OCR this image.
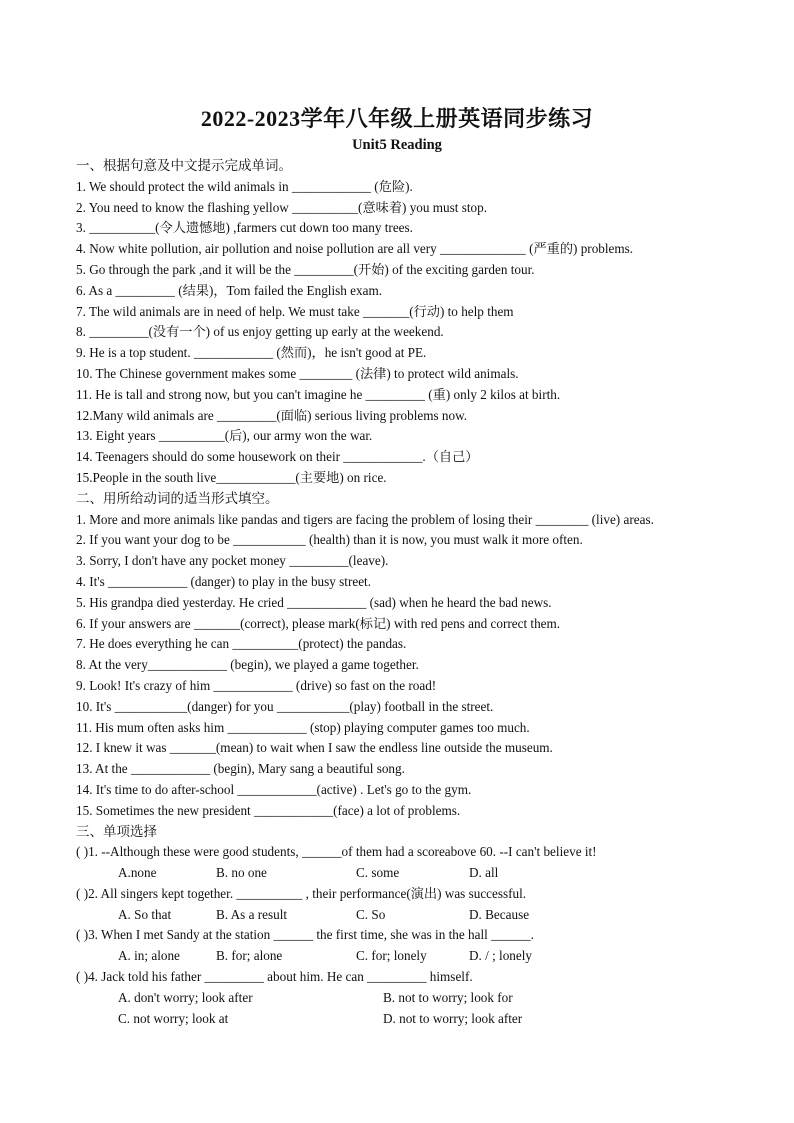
2022-2023学年八年级上册英语同步练习
Unit5 Reading
一、根据句意及中文提示完成单词。
1. We should protect the wild animals in ____________ (危险).
2. You need to know the flashing yellow __________(意味着) you must stop.
3. __________(令人遗憾地) ,farmers cut down too many trees.
4. Now white pollution, air pollution and noise pollution are all very _____________ (严重的) problems.
5. Go through the park ,and it will be the _________(开始) of the exciting garden tour.
6. As a _________ (结果)，Tom failed the English exam.
7. The wild animals are in need of help. We must take _______(行动) to help them
8. _________(没有一个) of us enjoy getting up early at the weekend.
9. He is a top student. ____________ (然而)，he isn't good at PE.
10. The Chinese government makes some ________ (法律) to protect wild animals.
11. He is tall and strong now, but you can't imagine he _________ (重) only 2 kilos at birth.
12.Many wild animals are _________(面临) serious living problems now.
13. Eight years __________(后), our army won the war.
14. Teenagers should do some housework on their ____________.（自己）
15.People in the south live____________(主要地) on rice.
二、用所给动词的适当形式填空。
1. More and more animals like pandas and tigers are facing the problem of losing their ________ (live) areas.
2. If you want your dog to be ___________ (health) than it is now, you must walk it more often.
3. Sorry, I don't have any pocket money _________(leave).
4. It's ____________ (danger) to play in the busy street.
5. His grandpa died yesterday. He cried ____________ (sad) when he heard the bad news.
6. If your answers are _______(correct), please mark(标记) with red pens and correct them.
7. He does everything he can __________(protect) the pandas.
8. At the very____________ (begin), we played a game together.
9. Look! It's crazy of him ____________ (drive) so fast on the road!
10. It's ___________(danger) for you ___________(play) football in the street.
11. His mum often asks him ____________ (stop) playing computer games too much.
12. I knew it was _______(mean) to wait when I saw the endless line outside the museum.
13. At the ____________ (begin), Mary sang a beautiful song.
14. It's time to do after-school ____________(active) . Let's go to the gym.
15. Sometimes the new president ____________(face) a lot of problems.
三、单项选择
( )1. --Although these were good students, ______of them had a scoreabove 60. --I can't believe it!
A.none	B. no one	C. some	D. all
( )2. All singers kept together. __________ , their performance(演出) was successful.
A. So that	B. As a result	C. So	D. Because
( )3. When I met Sandy at the station ______ the first time, she was in the hall ______.
A. in; alone	B. for; alone	C. for; lonely	D. / ; lonely
( )4. Jack told his father _________ about him. He can _________ himself.
A. don't worry; look after	B. not to worry; look for
C. not worry; look at	D. not to worry; look after
